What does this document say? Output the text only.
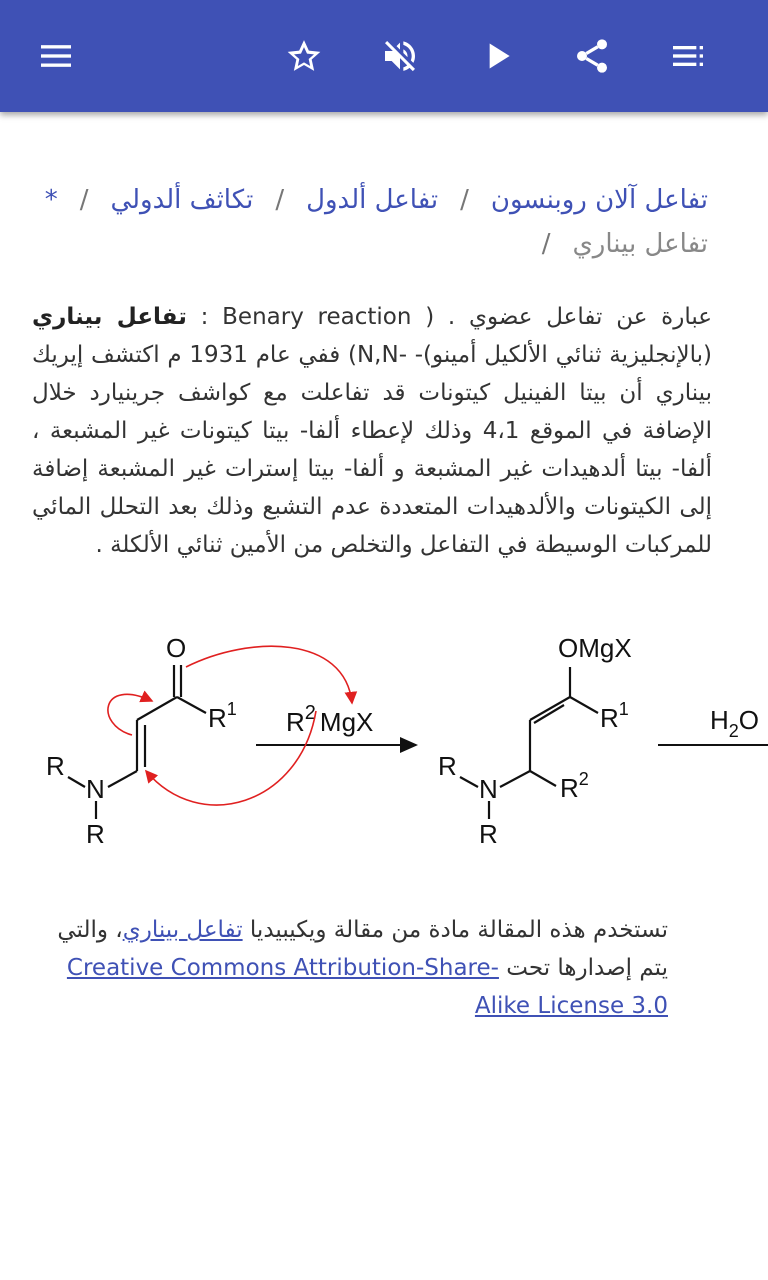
تفاعل آلان روبنسون/تفاعل ألدول/تكاثف ألدولي/*
تفاعل بيناري/
عبارة عن تفاعل عضوي . ( Benary reaction : تفاعل بيناري (بالإنجليزية ثنائي الألكيل أمينو)- -N,N) ففي عام 1931 م اكتشف إيريك بيناري أن بيتا الفينيل كيتونات قد تفاعلت مع كواشف جرينيارد خلال الإضافة في الموقع 4،1 وذلك لإعطاء ألفا- بيتا كيتونات غير المشبعة ، ألفا- بيتا ألدهيدات غير المشبعة و ألفا- بيتا إسترات غير المشبعة إضافة إلى الكيتونات والألدهيدات المتعددة عدم التشبع وذلك بعد التحلل المائي للمركبات الوسيطة في التفاعل والتخلص من الأمين ثنائي الألكلة .
O
$R^1$
R
N
R
$R^2$ MgX
OMgX
$R^1$
R
N
R
$R^2$
$H_2O$
تستخدم هذه المقالة مادة من مقالة ويكيبيديا تفاعل بيناري، والتي يتم إصدارها تحت Creative Commons Attribution-Share-Alike License 3.0
